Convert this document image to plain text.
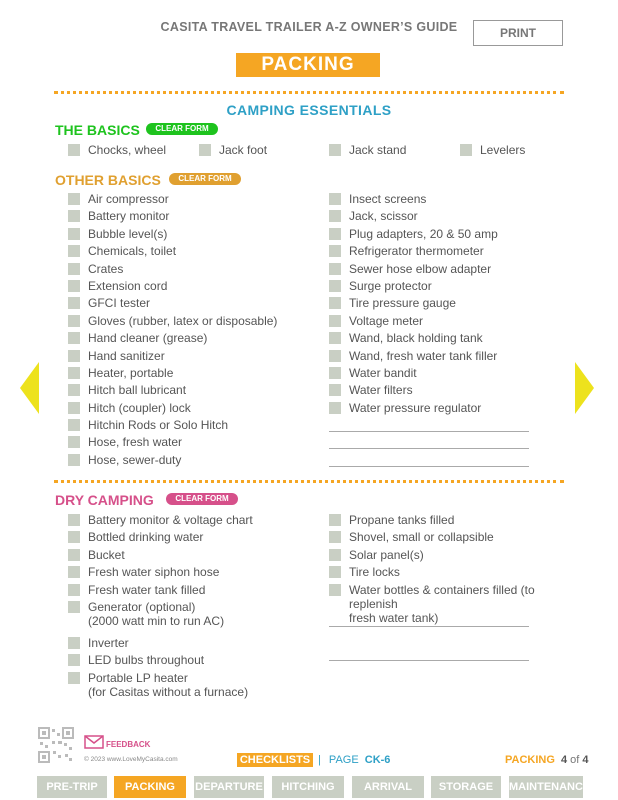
CASITA TRAVEL TRAILER A-Z OWNER’S GUIDE	PRINT
PACKING
CAMPING ESSENTIALS
THE BASICS	CLEAR FORM
Chocks, wheel	Jack foot	Jack stand	Levelers
OTHER BASICS	CLEAR FORM
Air compressor
Battery monitor
Bubble level(s)
Chemicals, toilet
Crates
Extension cord
GFCI tester
Gloves (rubber, latex or disposable)
Hand cleaner (grease)
Hand sanitizer
Heater, portable
Hitch ball lubricant
Hitch (coupler) lock
Hitchin Rods or Solo Hitch
Hose, fresh water
Hose, sewer-duty
Insect screens
Jack, scissor
Plug adapters, 20 & 50 amp
Refrigerator thermometer
Sewer hose elbow adapter
Surge protector
Tire pressure gauge
Voltage meter
Wand, black holding tank
Wand, fresh water tank filler
Water bandit
Water filters
Water pressure regulator
DRY CAMPING	CLEAR FORM
Battery monitor & voltage chart
Bottled drinking water
Bucket
Fresh water siphon hose
Fresh water tank filled
Generator (optional)
(2000 watt min to run AC)
Inverter
LED bulbs throughout
Portable LP heater
(for Casitas without a furnace)
Propane tanks filled
Shovel, small or collapsible
Solar panel(s)
Tire locks
Water bottles & containers filled (to replenish
fresh water tank)
FEEDBACK
© 2023 www.LoveMyCasita.com	CHECKLISTS | PAGE CK-6	PACKING 4 of 4
PRE-TRIP	PACKING	DEPARTURE	HITCHING	ARRIVAL	STORAGE	MAINTENANCE
